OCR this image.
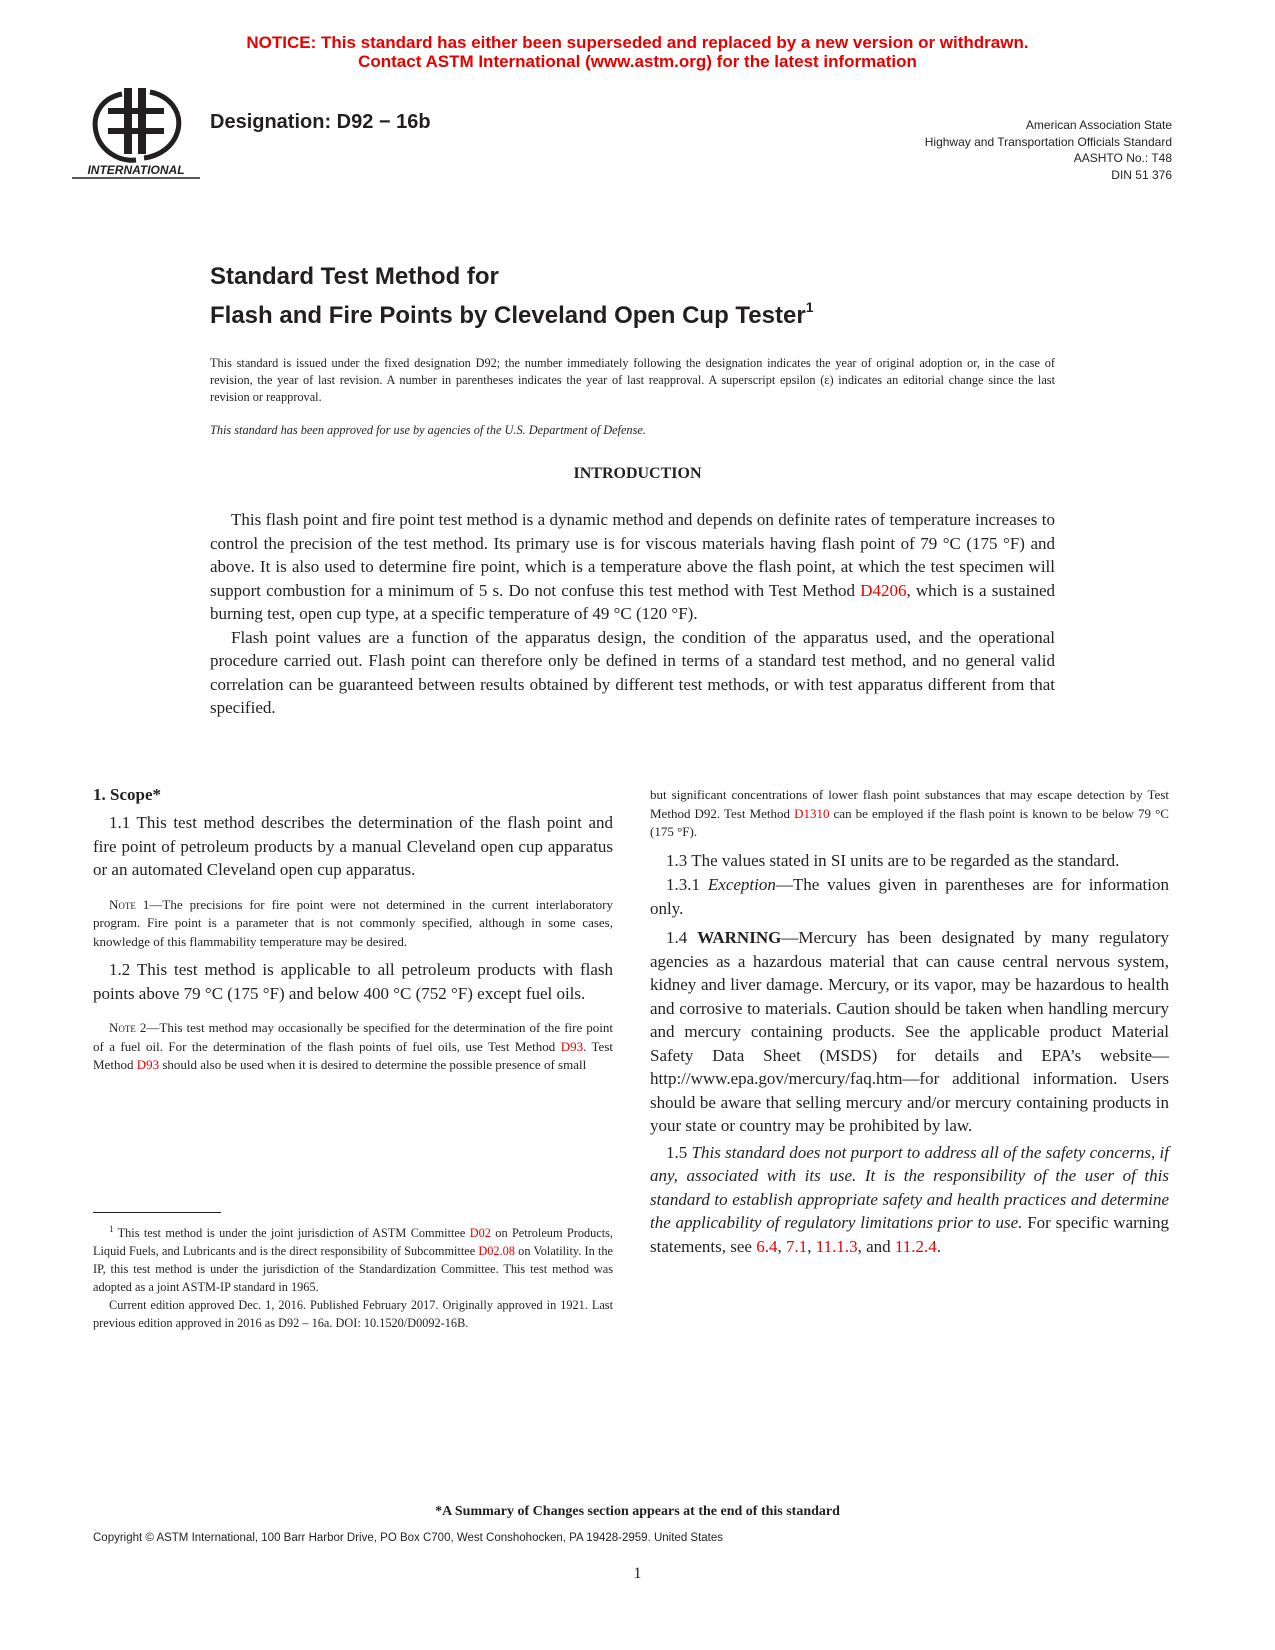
NOTICE: This standard has either been superseded and replaced by a new version or withdrawn.
Contact ASTM International (www.astm.org) for the latest information
INTERNATIONAL
Designation: D92 − 16b	American Association State
Highway and Transportation Officials Standard
AASHTO No.: T48
DIN 51 376
Standard Test Method for
Flash and Fire Points by Cleveland Open Cup Tester$^1$
This standard is issued under the fixed designation D92; the number immediately following the designation indicates the year of original adoption or, in the case of revision, the year of last revision. A number in parentheses indicates the year of last reapproval. A superscript epsilon (ε) indicates an editorial change since the last revision or reapproval.
This standard has been approved for use by agencies of the U.S. Department of Defense.
INTRODUCTION

This flash point and fire point test method is a dynamic method and depends on definite rates of temperature increases to control the precision of the test method. Its primary use is for viscous materials having flash point of 79 °C (175 °F) and above. It is also used to determine fire point, which is a temperature above the flash point, at which the test specimen will support combustion for a minimum of 5 s. Do not confuse this test method with Test Method D4206, which is a sustained burning test, open cup type, at a specific temperature of 49 °C (120 °F).

Flash point values are a function of the apparatus design, the condition of the apparatus used, and the operational procedure carried out. Flash point can therefore only be defined in terms of a standard test method, and no general valid correlation can be guaranteed between results obtained by different test methods, or with test apparatus different from that specified.

1. Scope*

1.1 This test method describes the determination of the flash point and fire point of petroleum products by a manual Cleveland open cup apparatus or an automated Cleveland open cup apparatus.

Note 1—The precisions for fire point were not determined in the current interlaboratory program. Fire point is a parameter that is not commonly specified, although in some cases, knowledge of this flammability temperature may be desired.

1.2 This test method is applicable to all petroleum products with flash points above 79 °C (175 °F) and below 400 °C (752 °F) except fuel oils.

Note 2—This test method may occasionally be specified for the determination of the fire point of a fuel oil. For the determination of the flash points of fuel oils, use Test Method D93. Test Method D93 should also be used when it is desired to determine the possible presence of small

but significant concentrations of lower flash point substances that may escape detection by Test Method D92. Test Method D1310 can be employed if the flash point is known to be below 79 °C (175 °F).

1.3 The values stated in SI units are to be regarded as the standard.

1.3.1 Exception—The values given in parentheses are for information only.

1.4 WARNING—Mercury has been designated by many regulatory agencies as a hazardous material that can cause central nervous system, kidney and liver damage. Mercury, or its vapor, may be hazardous to health and corrosive to materials. Caution should be taken when handling mercury and mercury containing products. See the applicable product Material Safety Data Sheet (MSDS) for details and EPA’s website—http://www.epa.gov/mercury/faq.htm—for additional information. Users should be aware that selling mercury and/or mercury containing products in your state or country may be prohibited by law.

1.5 This standard does not purport to address all of the safety concerns, if any, associated with its use. It is the responsibility of the user of this standard to establish appropriate safety and health practices and determine the applicability of regulatory limitations prior to use. For specific warning statements, see 6.4, 7.1, 11.1.3, and 11.2.4.

$^1$ This test method is under the joint jurisdiction of ASTM Committee D02 on Petroleum Products, Liquid Fuels, and Lubricants and is the direct responsibility of Subcommittee D02.08 on Volatility. In the IP, this test method is under the jurisdiction of the Standardization Committee. This test method was adopted as a joint ASTM-IP standard in 1965.

Current edition approved Dec. 1, 2016. Published February 2017. Originally approved in 1921. Last previous edition approved in 2016 as D92 – 16a. DOI: 10.1520/D0092-16B.

*A Summary of Changes section appears at the end of this standard
Copyright © ASTM International, 100 Barr Harbor Drive, PO Box C700, West Conshohocken, PA 19428-2959. United States
1
